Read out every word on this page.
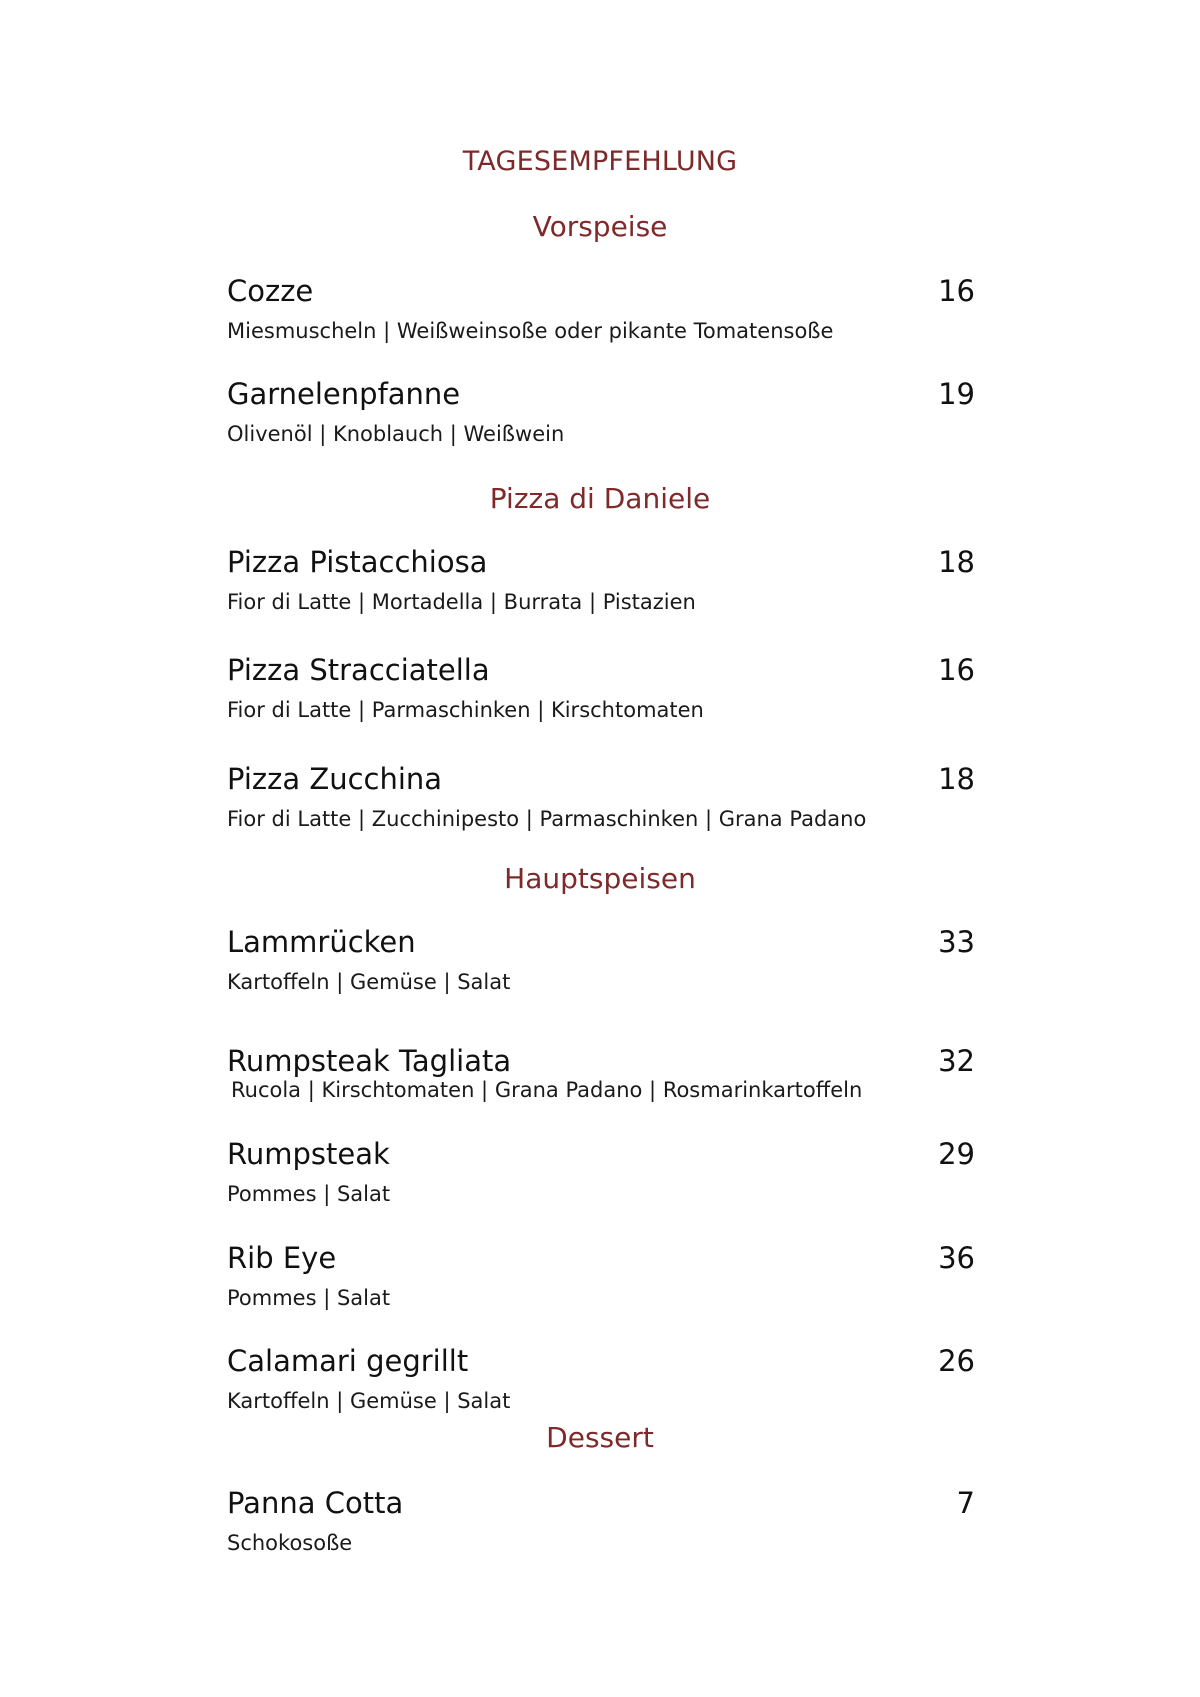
TAGESEMPFEHLUNG
Vorspeise
Cozze	16
Miesmuscheln | Weißweinsoße oder pikante Tomatensoße
Garnelenpfanne	19
Olivenöl | Knoblauch | Weißwein
Pizza di Daniele
Pizza Pistacchiosa	18
Fior di Latte | Mortadella | Burrata | Pistazien
Pizza Stracciatella	16
Fior di Latte | Parmaschinken | Kirschtomaten
Pizza Zucchina	18
Fior di Latte | Zucchinipesto | Parmaschinken | Grana Padano
Hauptspeisen
Lammrücken	33
Kartoffeln | Gemüse | Salat
Rumpsteak Tagliata	32
Rucola | Kirschtomaten | Grana Padano | Rosmarinkartoffeln
Rumpsteak	29
Pommes | Salat
Rib Eye	36
Pommes | Salat
Calamari gegrillt	26
Kartoffeln | Gemüse | Salat
Dessert
Panna Cotta	7
Schokosoße
